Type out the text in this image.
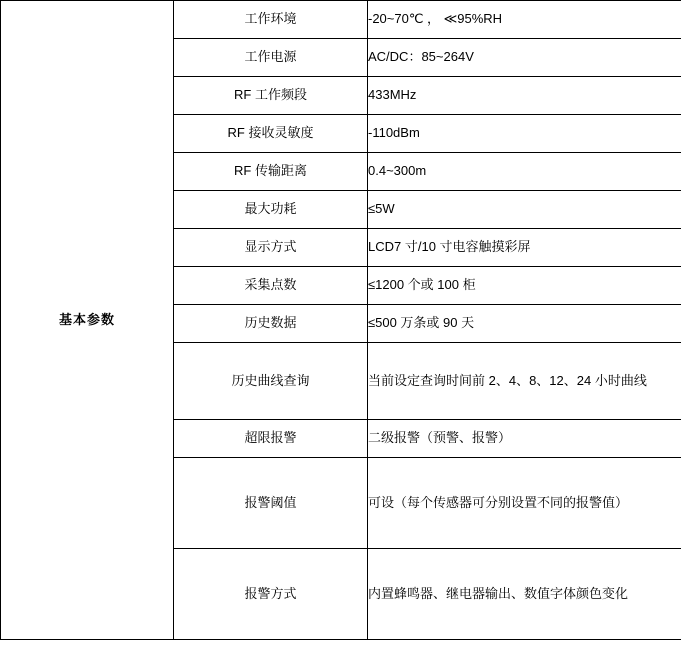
基本参数	工作环境	-20~70℃ ， ≪95%RH
	工作电源	AC/DC：85~264V
	RF 工作频段	433MHz
	RF 接收灵敏度	-110dBm
	RF 传输距离	0.4~300m
	最大功耗	≤5W
	显示方式	LCD7 寸/10 寸电容触摸彩屏
	采集点数	≤1200 个或 100 柜
	历史数据	≤500 万条或 90 天
	历史曲线查询	当前设定查询时间前 2、4、8、12、24 小时曲线
	超限报警	二级报警（预警、报警）
	报警阈值	可设（每个传感器可分别设置不同的报警值）
	报警方式	内置蜂鸣器、继电器输出、数值字体颜色变化
